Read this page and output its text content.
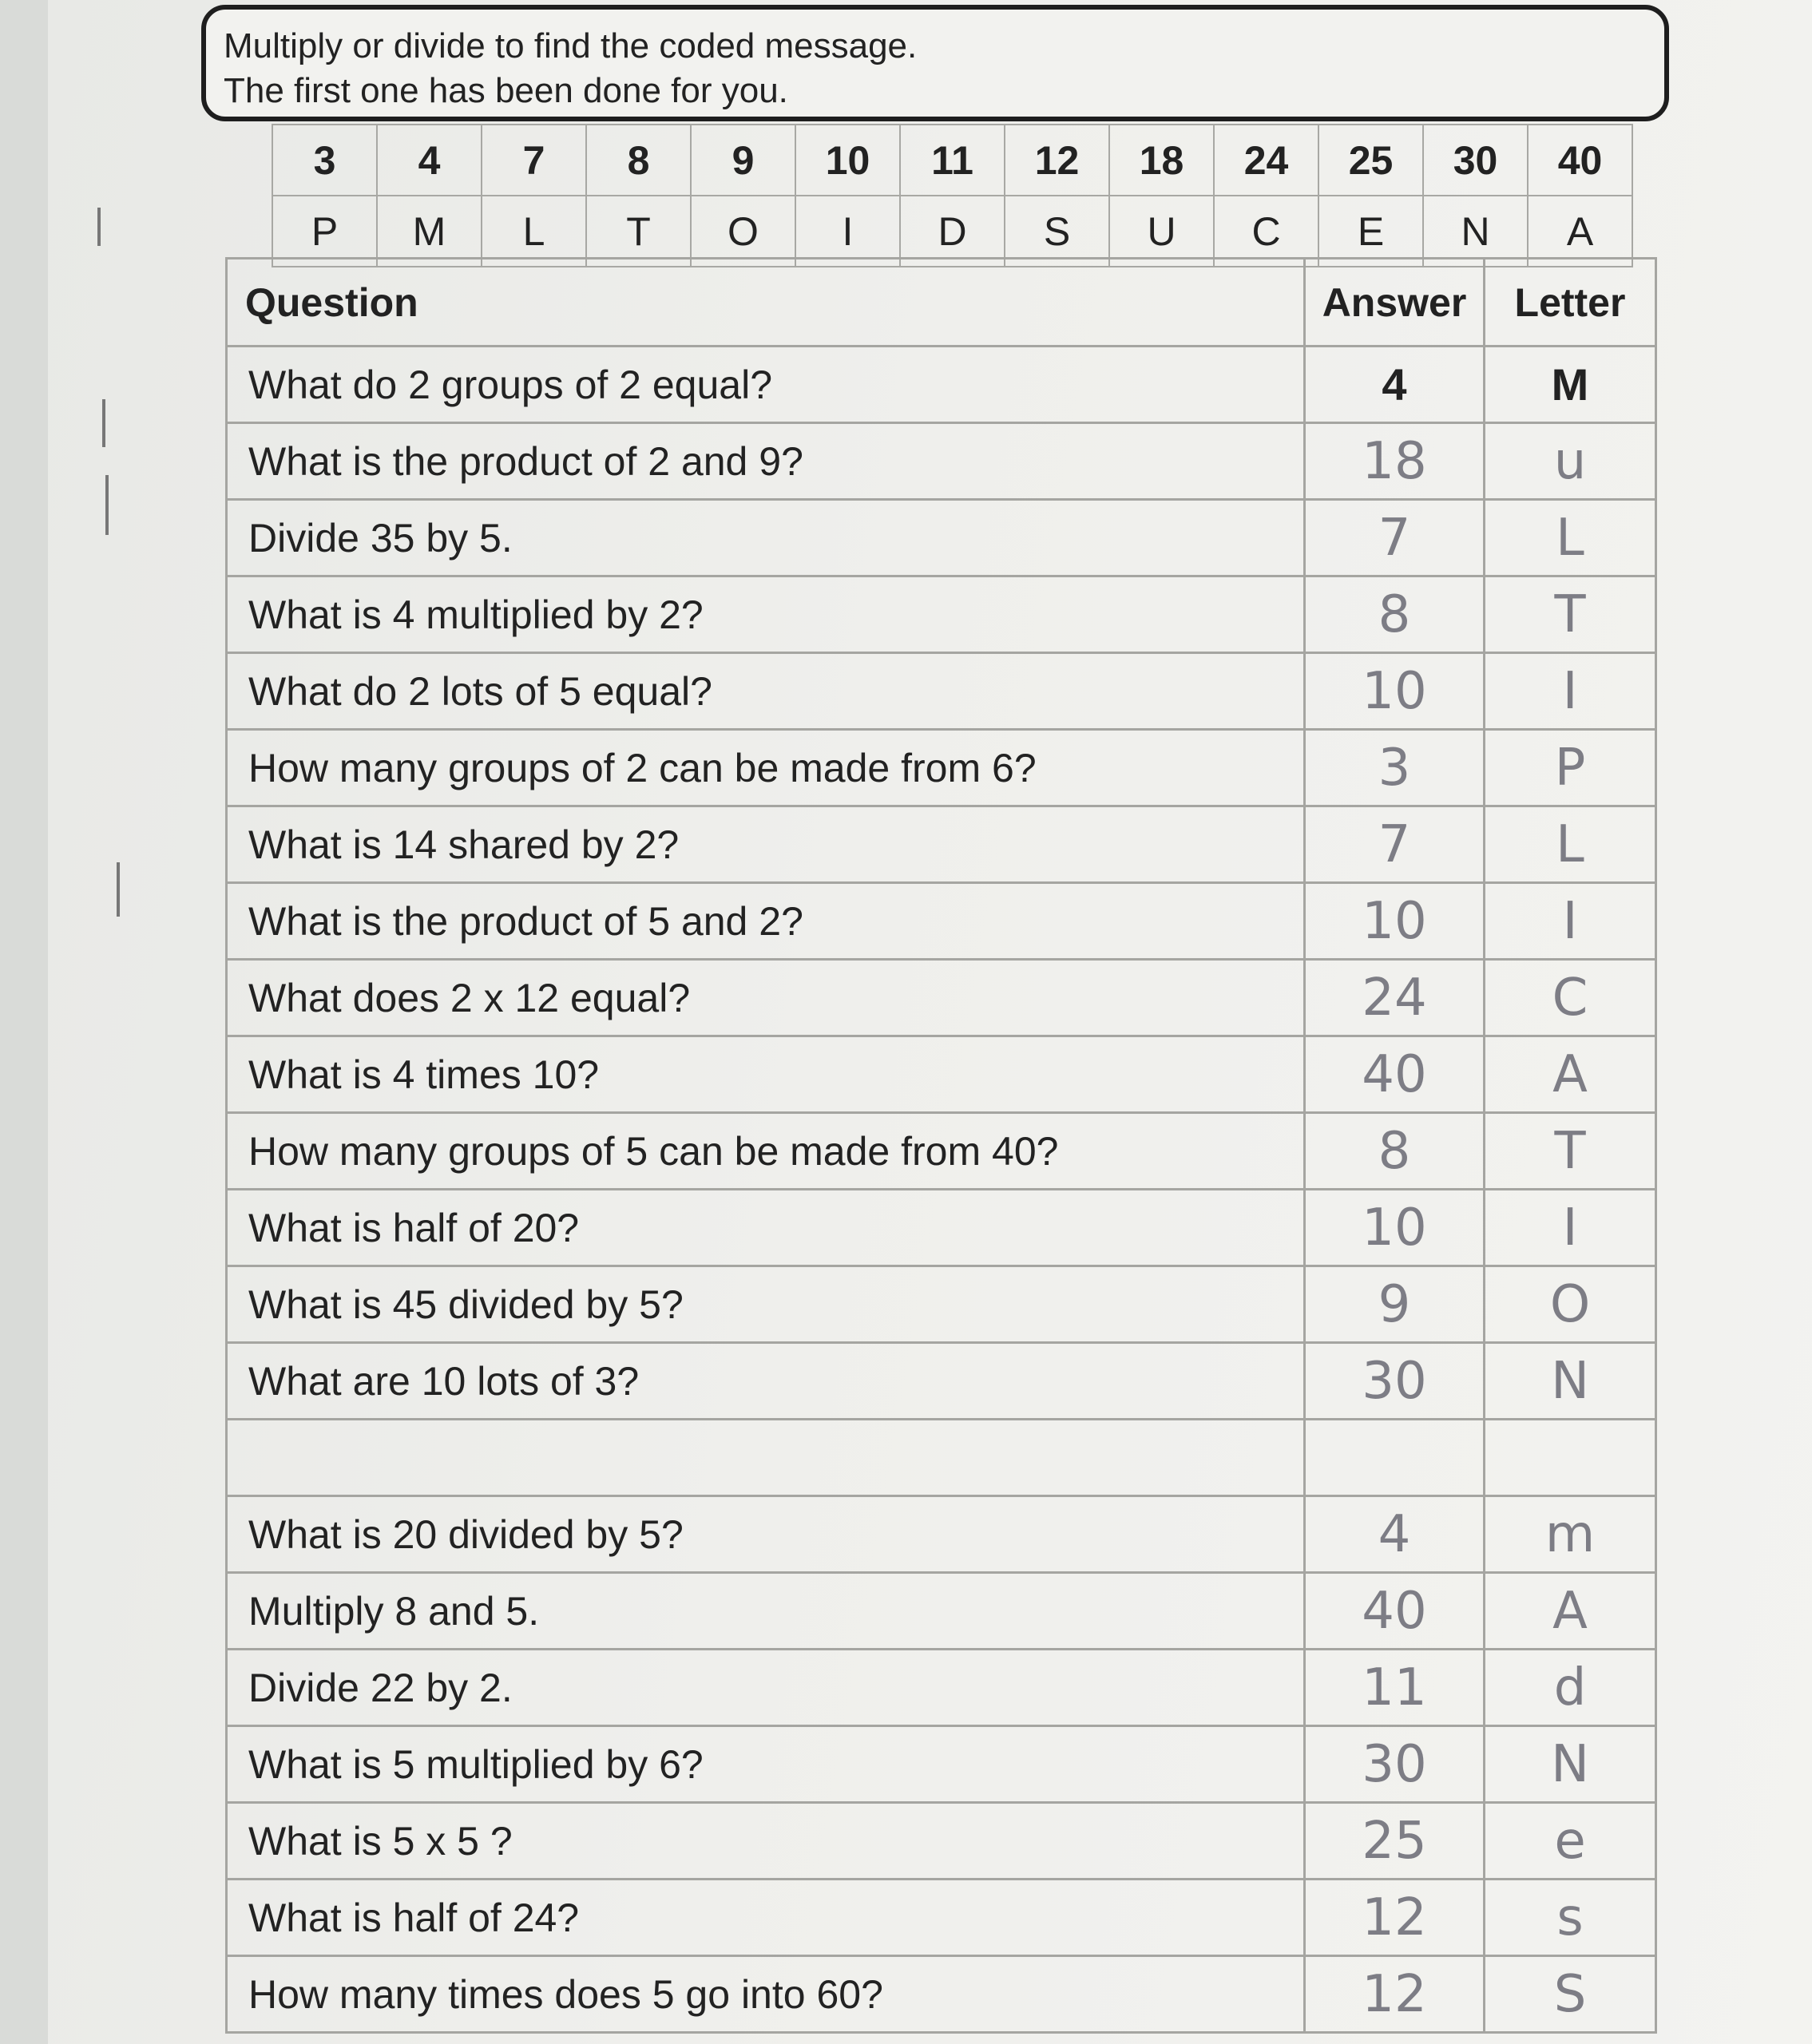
Multiply or divide to find the coded message.
The first one has been done for you.
3	4	7	8	9	10	11	12	18	24	25	30	40
P	M	L	T	O	I	D	S	U	C	E	N	A
Question	Answer	Letter
What do 2 groups of 2 equal?	4	M
What is the product of 2 and 9?	18	u
Divide 35 by 5.	7	L
What is 4 multiplied by 2?	8	T
What do 2 lots of 5 equal?	10	I
How many groups of 2 can be made from 6?	3	P
What is 14 shared by 2?	7	L
What is the product of 5 and 2?	10	I
What does 2 x 12 equal?	24	C
What is 4 times 10?	40	A
How many groups of 5 can be made from 40?	8	T
What is half of 20?	10	I
What is 45 divided by 5?	9	O
What are 10 lots of 3?	30	N

What is 20 divided by 5?	4	m
Multiply 8 and 5.	40	A
Divide 22 by 2.	11	d
What is 5 multiplied by 6?	30	N
What is 5 x 5 ?	25	e
What is half of 24?	12	s
How many times does 5 go into 60?	12	S
